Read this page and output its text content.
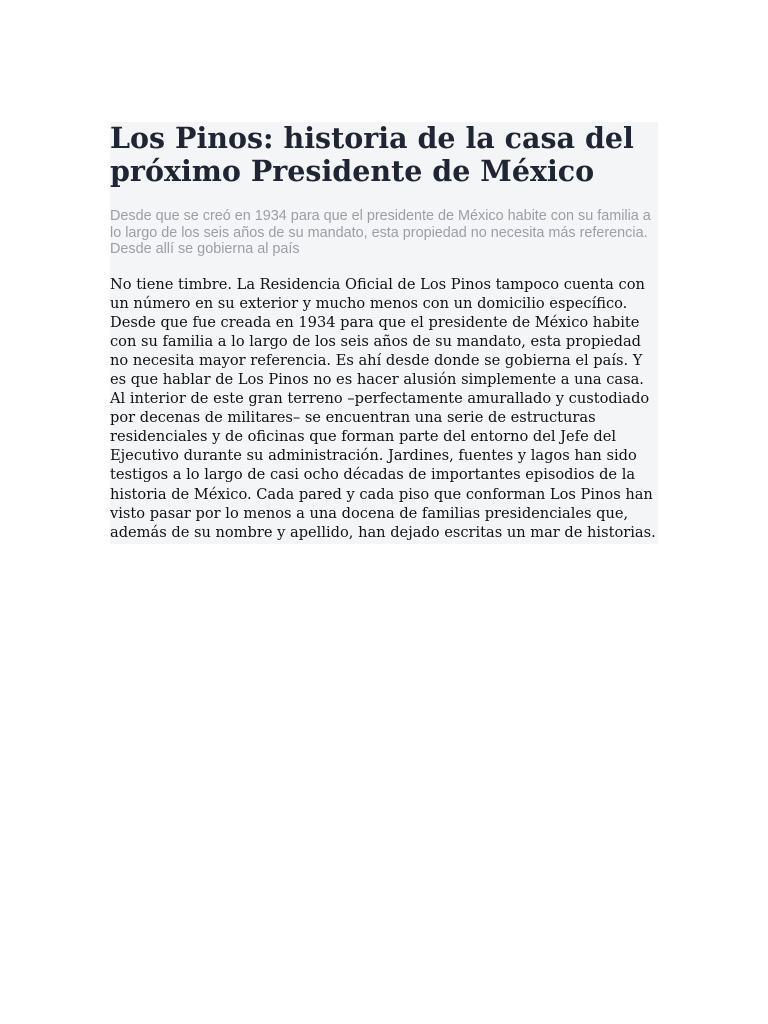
Los Pinos: historia de la casa del próximo Presidente de México

Desde que se creó en 1934 para que el presidente de México habite con su familia a lo largo de los seis años de su mandato, esta propiedad no necesita más referencia. Desde allí se gobierna al país

No tiene timbre. La Residencia Oficial de Los Pinos tampoco cuenta con un número en su exterior y mucho menos con un domicilio específico. Desde que fue creada en 1934 para que el presidente de México habite con su familia a lo largo de los seis años de su mandato, esta propiedad no necesita mayor referencia. Es ahí desde donde se gobierna el país. Y es que hablar de Los Pinos no es hacer alusión simplemente a una casa. Al interior de este gran terreno –perfectamente amurallado y custodiado por decenas de militares– se encuentran una serie de estructuras residenciales y de oficinas que forman parte del entorno del Jefe del Ejecutivo durante su administración. Jardines, fuentes y lagos han sido testigos a lo largo de casi ocho décadas de importantes episodios de la historia de México. Cada pared y cada piso que conforman Los Pinos han visto pasar por lo menos a una docena de familias presidenciales que, además de su nombre y apellido, han dejado escritas un mar de historias.
